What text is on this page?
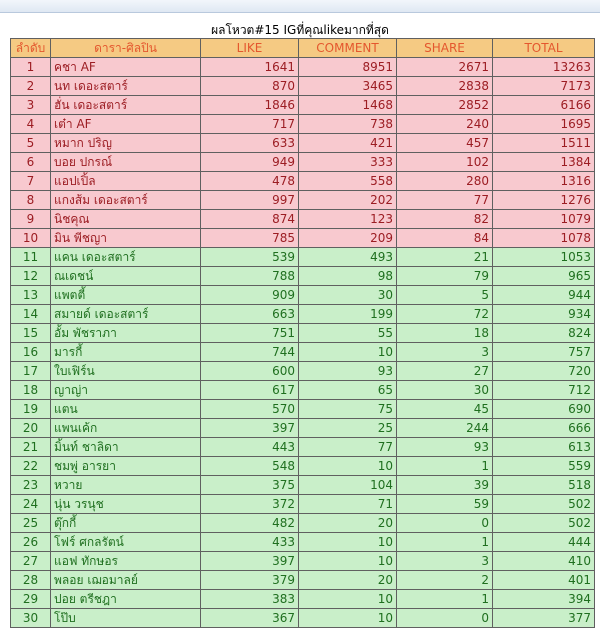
ผลโหวต#15 IGที่คุณlikeมากที่สุด
ลำดับ	ดารา-ศิลปิน	LIKE	COMMENT	SHARE	TOTAL
1	คชา AF	1641	8951	2671	13263
2	นท เดอะสตาร์	870	3465	2838	7173
3	ฮั่น เดอะสตาร์	1846	1468	2852	6166
4	เต๋า AF	717	738	240	1695
5	หมาก ปริญ	633	421	457	1511
6	บอย ปกรณ์	949	333	102	1384
7	แอปเปิ้ล	478	558	280	1316
8	แกงส้ม เดอะสตาร์	997	202	77	1276
9	นิชคุณ	874	123	82	1079
10	มิน พีชญา	785	209	84	1078
11	แคน เดอะสตาร์	539	493	21	1053
12	ณเดชน์	788	98	79	965
13	แพตตี้	909	30	5	944
14	สมายด์ เดอะสตาร์	663	199	72	934
15	อั้ม พัชราภา	751	55	18	824
16	มารกี้	744	10	3	757
17	ใบเฟิร์น	600	93	27	720
18	ญาญ่า	617	65	30	712
19	แตน	570	75	45	690
20	แพนเค้ก	397	25	244	666
21	มิ้นท์ ชาลิดา	443	77	93	613
22	ชมพู่ อารยา	548	10	1	559
23	หวาย	375	104	39	518
24	นุ่น วรนุช	372	71	59	502
25	ตุ๊กกี้	482	20	0	502
26	โฟร์ ศกลรัตน์	433	10	1	444
27	แอฟ ทักษอร	397	10	3	410
28	พลอย เฌอมาลย์	379	20	2	401
29	ปอย ตรีชฎา	383	10	1	394
30	โป๊บ	367	10	0	377
